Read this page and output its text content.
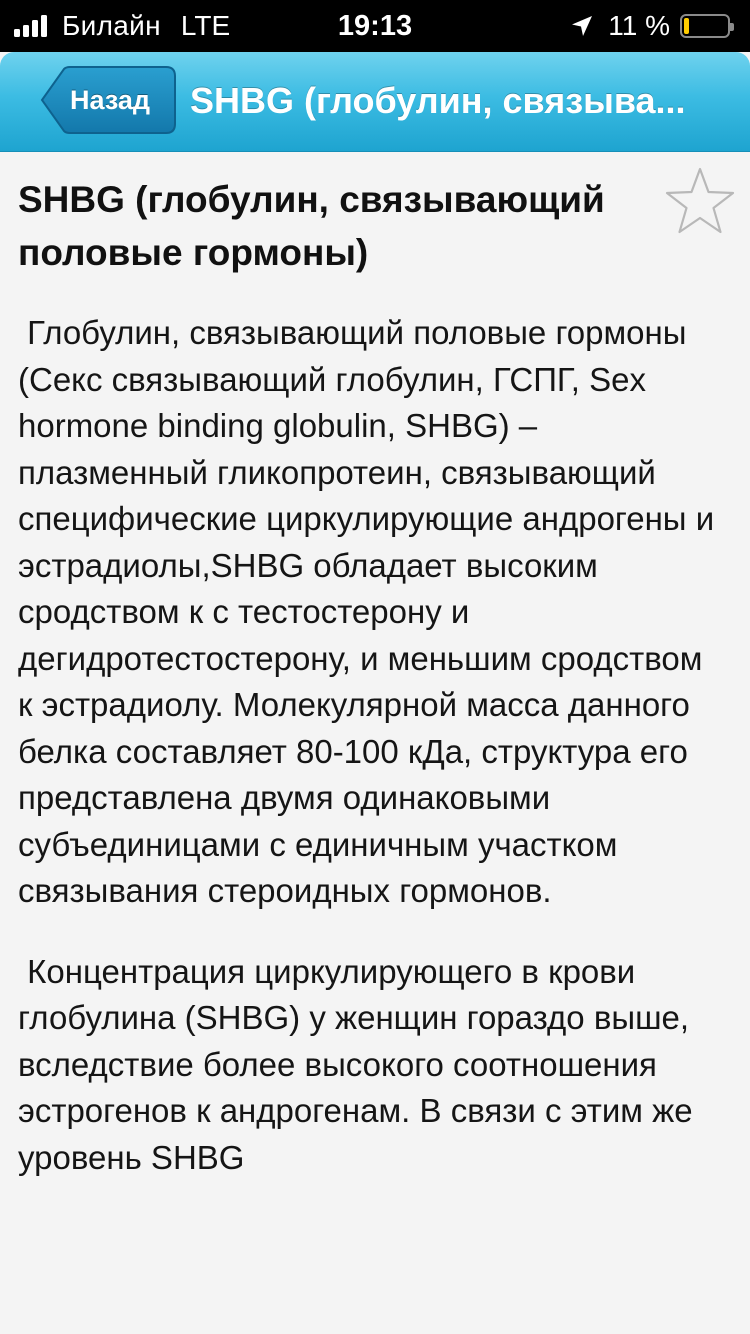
Билайн LTE	19:13	11 %
Назад SHBG (глобулин, связыва...
SHBG (глобулин, связывающий половые гормоны)

Глобулин, связывающий половые гормоны (Секс связывающий глобулин, ГСПГ, Sex hormone binding globulin, SHBG) – плазменный гликопротеин, связывающий специфические циркулирующие андрогены и эстрадиолы,SHBG обладает высоким сродством к с тестостерону и дегидротестостерону, и меньшим сродством к эстрадиолу. Молекулярной масса данного белка составляет 80-100 кДа, структура его представлена двумя одинаковыми субъединицами с единичным участком связывания стероидных гормонов.

Концентрация циркулирующего в крови глобулина (SHBG) у женщин гораздо выше, вследствие более высокого соотношения эстрогенов к андрогенам. В связи с этим же уровень SHBG
